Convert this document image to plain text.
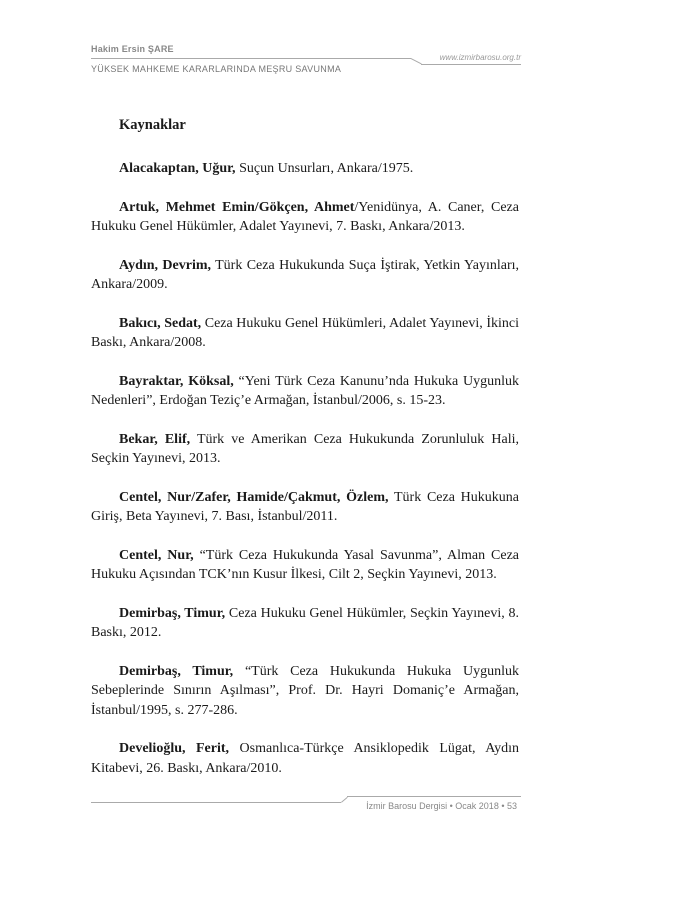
Hakim Ersin ŞARE
www.izmirbarosu.org.tr
YÜKSEK MAHKEME KARARLARINDA MEŞRU SAVUNMA
Kaynaklar

Alacakaptan, Uğur, Suçun Unsurları, Ankara/1975.

Artuk, Mehmet Emin/Gökçen, Ahmet/Yenidünya, A. Caner, Ceza Hukuku Genel Hükümler, Adalet Yayınevi, 7. Baskı, Ankara/2013.

Aydın, Devrim, Türk Ceza Hukukunda Suça İştirak, Yetkin Yayınları, Ankara/2009.

Bakıcı, Sedat, Ceza Hukuku Genel Hükümleri, Adalet Yayınevi, İkinci Baskı, Ankara/2008.

Bayraktar, Köksal, “Yeni Türk Ceza Kanunu’nda Hukuka Uygunluk Nedenleri”, Erdoğan Teziç’e Armağan, İstanbul/2006, s. 15-23.

Bekar, Elif, Türk ve Amerikan Ceza Hukukunda Zorunluluk Hali, Seçkin Yayınevi, 2013.

Centel, Nur/Zafer, Hamide/Çakmut, Özlem, Türk Ceza Hukukuna Giriş, Beta Yayınevi, 7. Bası, İstanbul/2011.

Centel, Nur, “Türk Ceza Hukukunda Yasal Savunma”, Alman Ceza Hukuku Açısından TCK’nın Kusur İlkesi, Cilt 2, Seçkin Yayınevi, 2013.

Demirbaş, Timur, Ceza Hukuku Genel Hükümler, Seçkin Yayınevi, 8. Baskı, 2012.

Demirbaş, Timur, “Türk Ceza Hukukunda Hukuka Uygunluk Sebeplerinde Sınırın Aşılması”, Prof. Dr. Hayri Domaniç’e Armağan, İstanbul/1995, s. 277-286.

Develioğlu, Ferit, Osmanlıca-Türkçe Ansiklopedik Lügat, Aydın Kitabevi, 26. Baskı, Ankara/2010.

İzmir Barosu Dergisi • Ocak 2018 • 53
